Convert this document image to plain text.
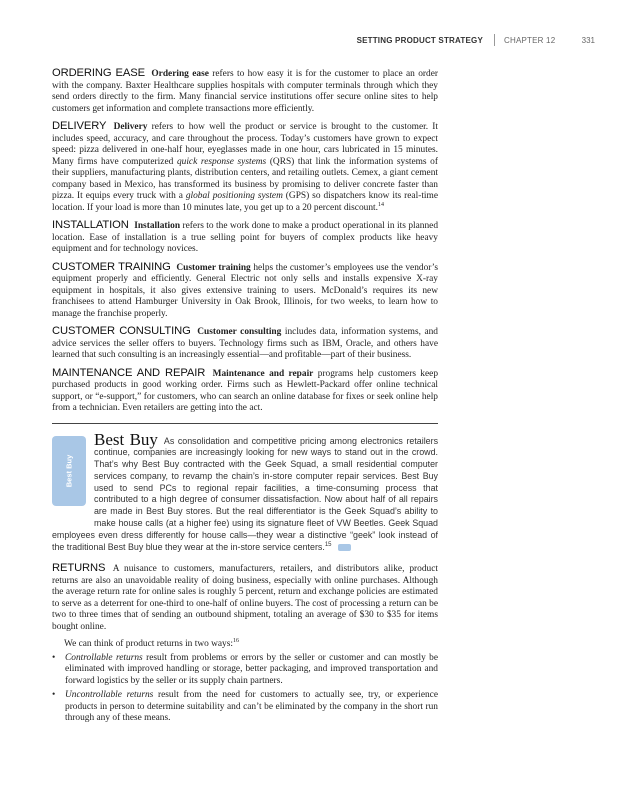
SETTING PRODUCT STRATEGY	CHAPTER 12	331

ORDERING EASE Ordering ease refers to how easy it is for the customer to place an order with the company. Baxter Healthcare supplies hospitals with computer terminals through which they send orders directly to the firm. Many financial service institutions offer secure online sites to help customers get information and complete transactions more efficiently.

DELIVERY Delivery refers to how well the product or service is brought to the customer. It includes speed, accuracy, and care throughout the process. Today’s customers have grown to expect speed: pizza delivered in one-half hour, eyeglasses made in one hour, cars lubricated in 15 minutes. Many firms have computerized quick response systems (QRS) that link the information systems of their suppliers, manufacturing plants, distribution centers, and retailing outlets. Cemex, a giant cement company based in Mexico, has transformed its business by promising to deliver concrete faster than pizza. It equips every truck with a global positioning system (GPS) so dispatchers know its real-time location. If your load is more than 10 minutes late, you get up to a 20 percent discount.$^{14}$

INSTALLATION Installation refers to the work done to make a product operational in its planned location. Ease of installation is a true selling point for buyers of complex products like heavy equipment and for technology novices.

CUSTOMER TRAINING Customer training helps the customer’s employees use the vendor’s equipment properly and efficiently. General Electric not only sells and installs expensive X-ray equipment in hospitals, it also gives extensive training to users. McDonald’s requires its new franchisees to attend Hamburger University in Oak Brook, Illinois, for two weeks, to learn how to manage the franchise properly.

CUSTOMER CONSULTING Customer consulting includes data, information systems, and advice services the seller offers to buyers. Technology firms such as IBM, Oracle, and others have learned that such consulting is an increasingly essential—and profitable—part of their business.

MAINTENANCE AND REPAIR Maintenance and repair programs help customers keep purchased products in good working order. Firms such as Hewlett-Packard offer online technical support, or “e-support,” for customers, who can search an online database for fixes or seek online help from a technician. Even retailers are getting into the act.

Best Buy

Best Buy As consolidation and competitive pricing among electronics retailers continue, companies are increasingly looking for new ways to stand out in the crowd. That’s why Best Buy contracted with the Geek Squad, a small residential computer services company, to revamp the chain’s in-store computer repair services. Best Buy used to send PCs to regional repair facilities, a time-consuming process that contributed to a high degree of consumer dissatisfaction. Now about half of all repairs are made in Best Buy stores. But the real differentiator is the Geek Squad’s ability to make house calls (at a higher fee) using its signature fleet of VW Beetles. Geek Squad employees even dress differently for house calls—they wear a distinctive “geek” look instead of the traditional Best Buy blue they wear at the in-store service centers.$^{15}$

RETURNS A nuisance to customers, manufacturers, retailers, and distributors alike, product returns are also an unavoidable reality of doing business, especially with online purchases. Although the average return rate for online sales is roughly 5 percent, return and exchange policies are estimated to serve as a deterrent for one-third to one-half of online buyers. The cost of processing a return can be two to three times that of sending an outbound shipment, totaling an average of $30 to $35 for items bought online.

We can think of product returns in two ways:$^{16}$

• Controllable returns result from problems or errors by the seller or customer and can mostly be eliminated with improved handling or storage, better packaging, and improved transportation and forward logistics by the seller or its supply chain partners.
• Uncontrollable returns result from the need for customers to actually see, try, or experience products in person to determine suitability and can’t be eliminated by the company in the short run through any of these means.
